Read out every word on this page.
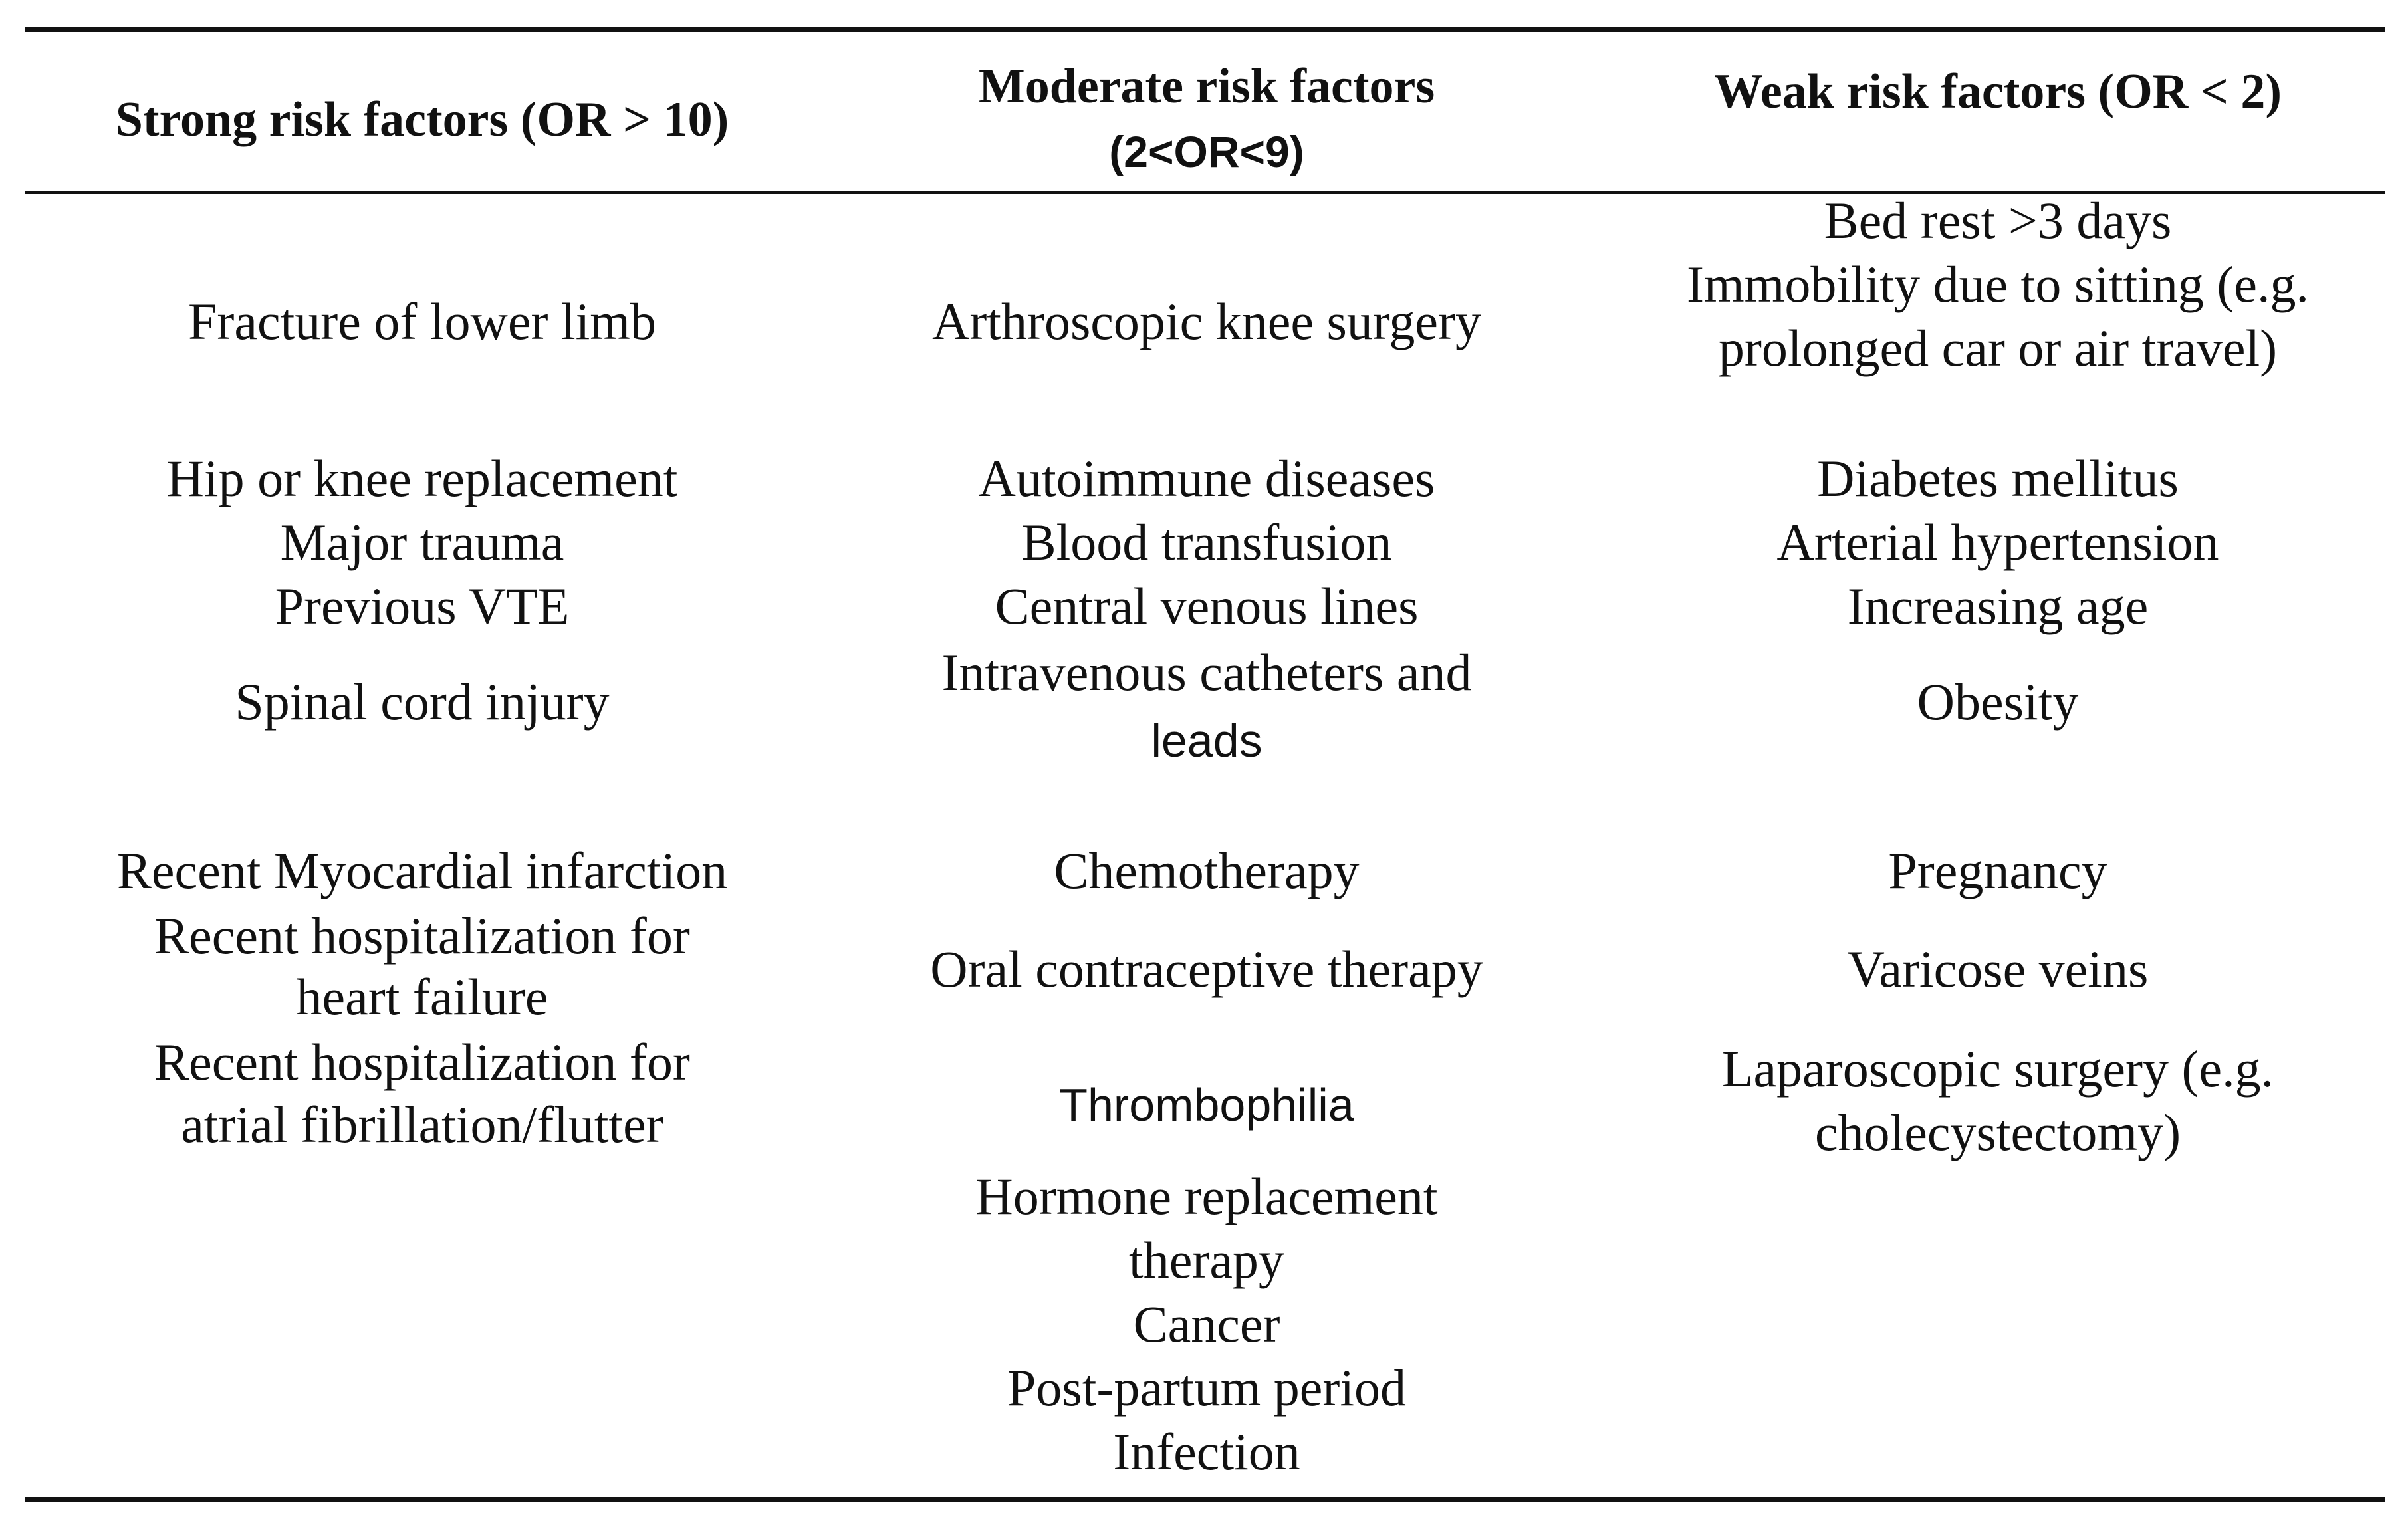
Strong risk factors (OR > 10)
Moderate risk factors
(2<OR<9)
Weak risk factors (OR < 2)
Fracture of lower limb
Hip or knee replacement
Major trauma
Previous VTE
Spinal cord injury
Recent Myocardial infarction
Recent hospitalization for
heart failure
Recent hospitalization for
atrial fibrillation/flutter
Arthroscopic knee surgery
Autoimmune diseases
Blood transfusion
Central venous lines
Intravenous catheters and
leads
Chemotherapy
Oral contraceptive therapy
Thrombophilia
Hormone replacement
therapy
Cancer
Post-partum period
Infection
Bed rest >3 days
Immobility due to sitting (e.g.
prolonged car or air travel)
Diabetes mellitus
Arterial hypertension
Increasing age
Obesity
Pregnancy
Varicose veins
Laparoscopic surgery (e.g.
cholecystectomy)
